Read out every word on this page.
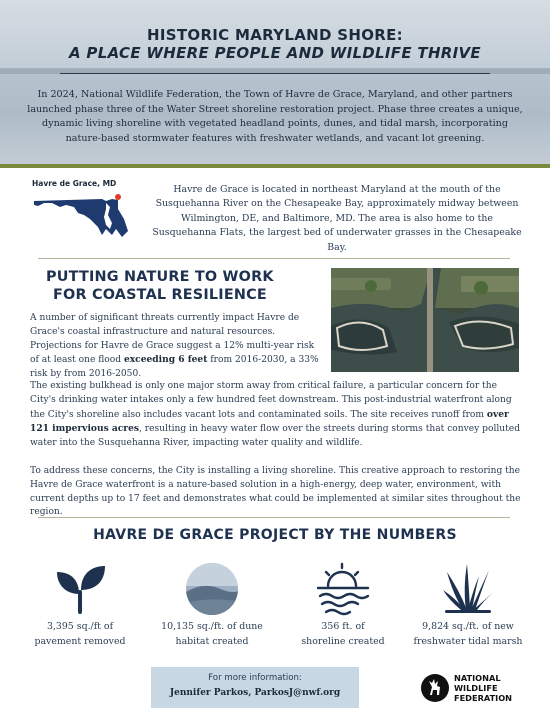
HISTORIC MARYLAND SHORE:
A PLACE WHERE PEOPLE AND WILDLIFE THRIVE
In 2024, National Wildlife Federation, the Town of Havre de Grace, Maryland, and other partners launched phase three of the Water Street shoreline restoration project. Phase three creates a unique, dynamic living shoreline with vegetated headland points, dunes, and tidal marsh, incorporating nature-based stormwater features with freshwater wetlands, and vacant lot greening.
Havre de Grace, MD
Havre de Grace is located in northeast Maryland at the mouth of the Susquehanna River on the Chesapeake Bay, approximately midway between Wilmington, DE, and Baltimore, MD. The area is also home to the Susquehanna Flats, the largest bed of underwater grasses in the Chesapeake Bay.
PUTTING NATURE TO WORK
FOR COASTAL RESILIENCE
A number of significant threats currently impact Havre de Grace's coastal infrastructure and natural resources. Projections for Havre de Grace suggest a 12% multi-year risk of at least one flood exceeding 6 feet from 2016-2030, a 33% risk by from 2016-2050.
The existing bulkhead is only one major storm away from critical failure, a particular concern for the City's drinking water intakes only a few hundred feet downstream. This post-industrial waterfront along the City's shoreline also includes vacant lots and contaminated soils. The site receives runoff from over 121 impervious acres, resulting in heavy water flow over the streets during storms that convey polluted water into the Susquehanna River, impacting water quality and wildlife.
To address these concerns, the City is installing a living shoreline. This creative approach to restoring the Havre de Grace waterfront is a nature-based solution in a high-energy, deep water, environment, with current depths up to 17 feet and demonstrates what could be implemented at similar sites throughout the region.
HAVRE DE GRACE PROJECT BY THE NUMBERS
3,395 sq./ft of
pavement removed
10,135 sq./ft. of dune
habitat created
356 ft. of
shoreline created
9,824 sq./ft. of new
freshwater tidal marsh
For more information:
Jennifer Parkos, ParkosJ@nwf.org
NATIONAL
WILDLIFE
FEDERATION
